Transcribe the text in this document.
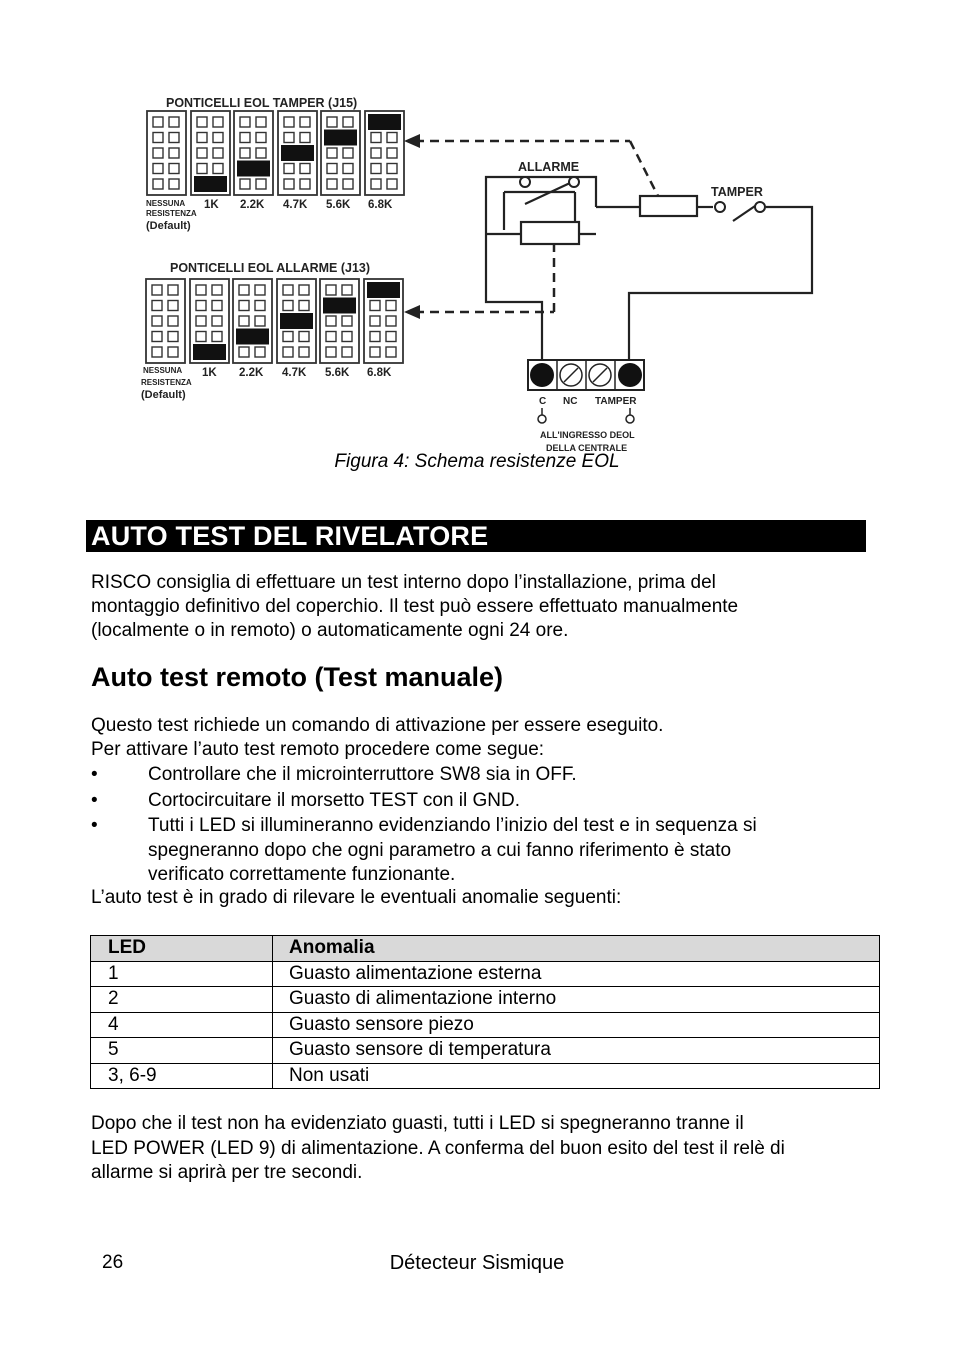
PONTICELLI EOL TAMPER (J15)
PONTICELLI EOL ALLARME (J13)
NESSUNA
RESISTENZA
(Default)
1K 2.2K 4.7K 5.6K 6.8K
NESSUNA
RESISTENZA
(Default)
1K 2.2K 4.7K 5.6K 6.8K
ALLARME
TAMPER
C NC TAMPER
ALL'INGRESSO DEOL
DELLA CENTRALE
Figura 4: Schema resistenze EOL
AUTO TEST DEL RIVELATORE

RISCO consiglia di effettuare un test interno dopo l’installazione, prima del

montaggio definitivo del coperchio. Il test può essere effettuato manualmente

(localmente o in remoto) o automaticamente ogni 24 ore.

Auto test remoto (Test manuale)

Questo test richiede un comando di attivazione per essere eseguito.

Per attivare l’auto test remoto procedere come segue:

•	Controllare che il microinterruttore SW8 sia in OFF.
•	Cortocircuitare il morsetto TEST con il GND.
•	Tutti i LED si illumineranno evidenziando l’inizio del test e in sequenza si
spegneranno dopo che ogni parametro a cui fanno riferimento è stato
verificato correttamente funzionante.

L’auto test è in grado di rilevare le eventuali anomalie seguenti:

LED	Anomalia
1	Guasto alimentazione esterna
2	Guasto di alimentazione interno
4	Guasto sensore piezo
5	Guasto sensore di temperatura
3, 6-9	Non usati

Dopo che il test non ha evidenziato guasti, tutti i LED si spegneranno tranne il

LED POWER (LED 9) di alimentazione. A conferma del buon esito del test il relè di

allarme si aprirà per tre secondi.

26	Détecteur Sismique
